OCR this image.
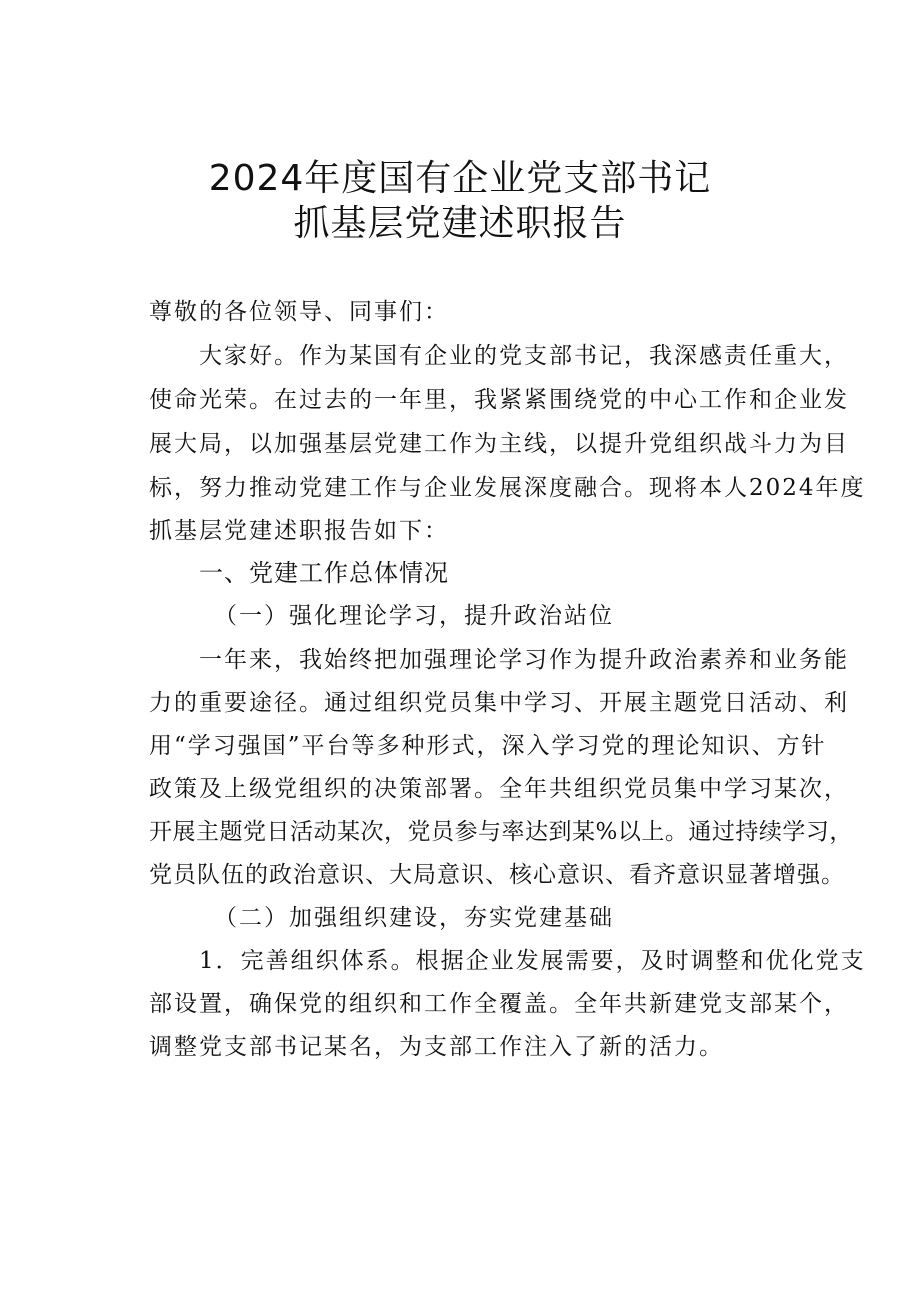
2024年度国有企业党支部书记
抓基层党建述职报告
尊敬的各位领导、同事们：
大家好。作为某国有企业的党支部书记，我深感责任重大，
使命光荣。在过去的一年里，我紧紧围绕党的中心工作和企业发
展大局，以加强基层党建工作为主线，以提升党组织战斗力为目
标，努力推动党建工作与企业发展深度融合。现将本人2024年度
抓基层党建述职报告如下：
一、党建工作总体情况
（一）强化理论学习，提升政治站位
一年来，我始终把加强理论学习作为提升政治素养和业务能
力的重要途径。通过组织党员集中学习、开展主题党日活动、利
用“学习强国”平台等多种形式，深入学习党的理论知识、方针
政策及上级党组织的决策部署。全年共组织党员集中学习某次，
开展主题党日活动某次，党员参与率达到某%以上。通过持续学习，
党员队伍的政治意识、大局意识、核心意识、看齐意识显著增强。
（二）加强组织建设，夯实党建基础
1．完善组织体系。根据企业发展需要，及时调整和优化党支
部设置，确保党的组织和工作全覆盖。全年共新建党支部某个，
调整党支部书记某名，为支部工作注入了新的活力。
